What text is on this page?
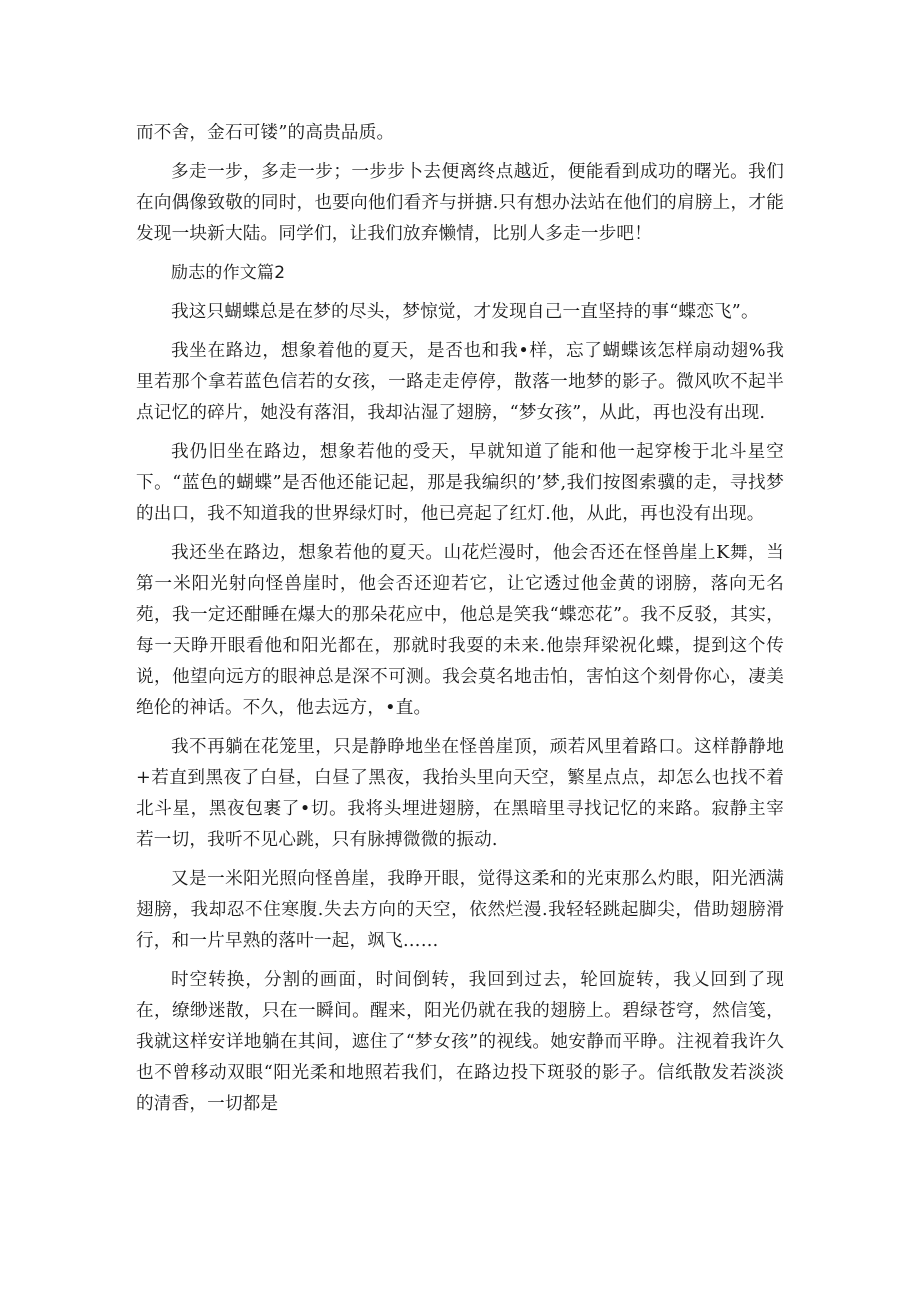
而不舍，金石可镂”的高贵品质。

多走一步，多走一步；一步步卜去便离终点越近，便能看到成功的曙光。我们在向偶像致敬的同时，也要向他们看齐与拼搪.只有想办法站在他们的肩膀上，才能发现一块新大陆。同学们，让我们放弃懒情，比别人多走一步吧！

励志的作文篇2

我这只蝴蝶总是在梦的尽头，梦惊觉，才发现自己一直坚持的事“蝶恋飞”。

我坐在路边，想象着他的夏天，是否也和我•样，忘了蝴蝶该怎样扇动翅%我里若那个拿若蓝色信若的女孩，一路走走停停，散落一地梦的影子。微风吹不起半点记忆的碎片，她没有落泪，我却沾湿了翅膀，“梦女孩”，从此，再也没有出现.

我仍旧坐在路边，想象若他的受天，早就知道了能和他一起穿梭于北斗星空下。“蓝色的蝴蝶”是否他还能记起，那是我编织的’梦,我们按图索骥的走，寻找梦的出口，我不知道我的世界绿灯时，他已亮起了红灯.他，从此，再也没有出现。

我还坐在路边，想象若他的夏天。山花烂漫时，他会否还在怪兽崖上K舞，当第一米阳光射向怪兽崖时，他会否还迎若它，让它透过他金黄的诩膀，落向无名苑，我一定还酣睡在爆大的那朵花应中，他总是笑我“蝶恋花”。我不反驳，其实，每一天睁开眼看他和阳光都在，那就时我耍的未来.他崇拜梁祝化蝶，提到这个传说，他望向远方的眼神总是深不可测。我会莫名地击怕，害怕这个刻骨你心，凄美绝伦的神话。不久，他去远方，•直。

我不再躺在花笼里，只是静睁地坐在怪兽崖顶，顽若风里着路口。这样静静地+若直到黑夜了白昼，白昼了黑夜，我抬头里向天空，繁星点点，却怎么也找不着北斗星，黑夜包裹了•切。我将头埋进翅膀，在黑暗里寻找记忆的来路。寂静主宰若一切，我听不见心跳，只有脉搏微微的振动.

又是一米阳光照向怪兽崖，我睁开眼，觉得这柔和的光束那么灼眼，阳光洒满翅膀，我却忍不住寒腹.失去方向的天空，依然烂漫.我轻轻跳起脚尖，借助翅膀滑行，和一片早熟的落叶一起，飒飞……

时空转换，分割的画面，时间倒转，我回到过去，轮回旋转，我乂回到了现在，缭缈迷散，只在一瞬间。醒来，阳光仍就在我的翅膀上。碧绿苍穹，然信笺，我就这样安详地躺在其间，遮住了“梦女孩”的视线。她安静而平睁。注视着我许久也不曾移动双眼“阳光柔和地照若我们，在路边投下斑驳的影子。信纸散发若淡淡的清香，一切都是
